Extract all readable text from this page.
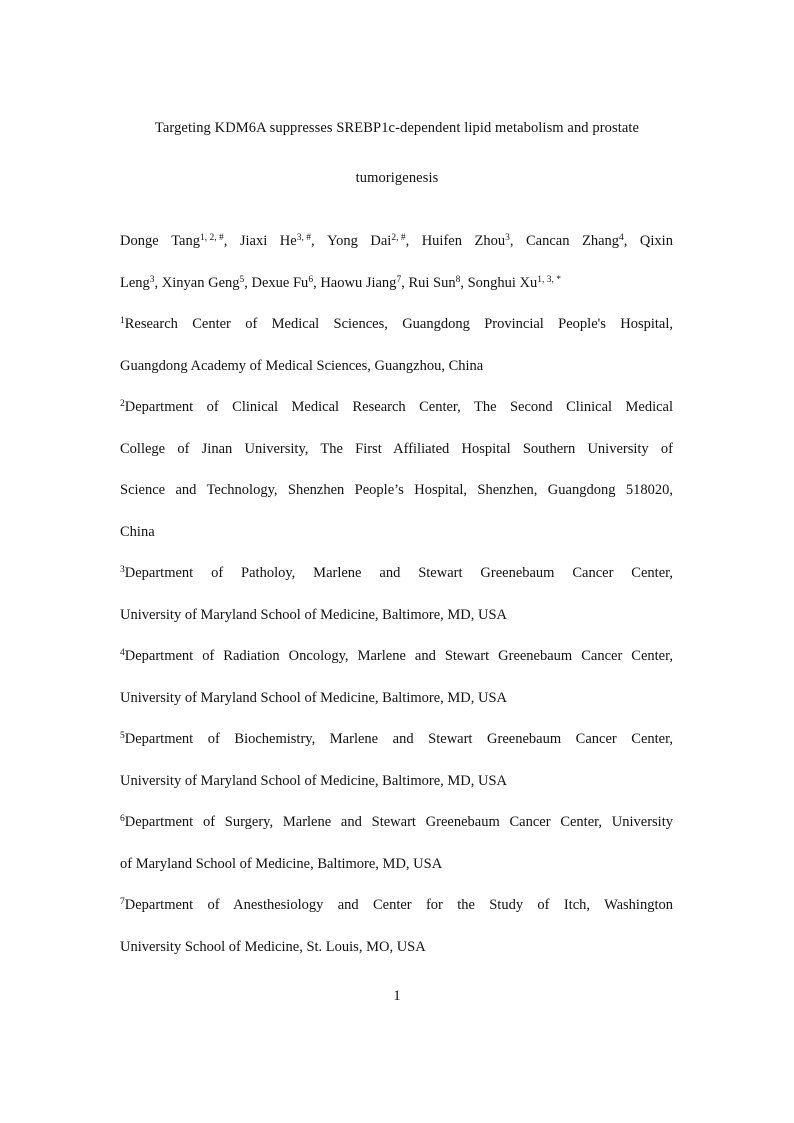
Targeting KDM6A suppresses SREBP1c-dependent lipid metabolism and prostate
tumorigenesis
Donge Tang$^{1, 2, \#}$, Jiaxi $He^{3, \#}$, Yong Dai$^{2, \#}$, Huifen Zhou$^3$, Cancan Zhang$^4$, Qixin
Leng$^3$, Xinyan Geng$^5$, Dexue Fu$^6$, Haowu Jiang$^7$, Rui Sun$^8$, Songhui $Xu^{1, 3, *}$
$^1$Research Center of Medical Sciences, Guangdong Provincial People's Hospital,
Guangdong Academy of Medical Sciences, Guangzhou, China
$^2$Department of Clinical Medical Research Center, The Second Clinical Medical
College of Jinan University, The First Affiliated Hospital Southern University of
Science and Technology, Shenzhen People’s Hospital, Shenzhen, Guangdong 518020,
China
$^3$Department of Patholoy, Marlene and Stewart Greenebaum Cancer Center,
University of Maryland School of Medicine, Baltimore, MD, USA
$^4$Department of Radiation Oncology, Marlene and Stewart Greenebaum Cancer Center,
University of Maryland School of Medicine, Baltimore, MD, USA
$^5$Department of Biochemistry, Marlene and Stewart Greenebaum Cancer Center,
University of Maryland School of Medicine, Baltimore, MD, USA
$^6$Department of Surgery, Marlene and Stewart Greenebaum Cancer Center, University
of Maryland School of Medicine, Baltimore, MD, USA
$^7$Department of Anesthesiology and Center for the Study of Itch, Washington
University School of Medicine, St. Louis, MO, USA
1
